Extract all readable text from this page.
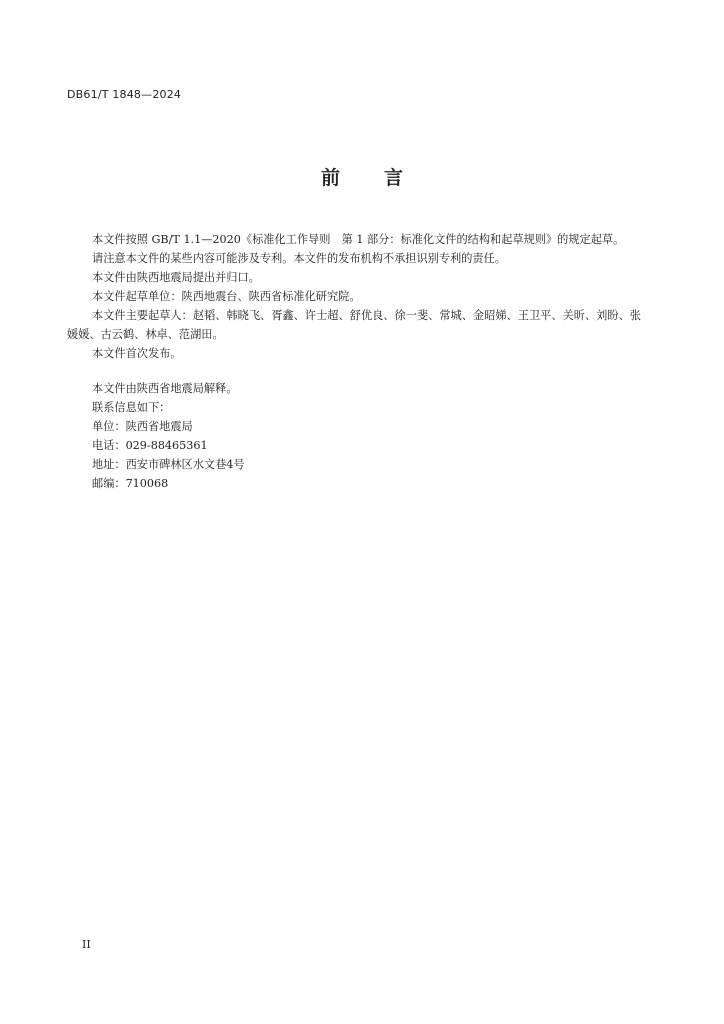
DB61/T 1848—2024
前 言

本文件按照 GB/T 1.1—2020《标准化工作导则　第 1 部分：标准化文件的结构和起草规则》的规定起草。

请注意本文件的某些内容可能涉及专利。本文件的发布机构不承担识别专利的责任。

本文件由陕西地震局提出并归口。

本文件起草单位：陕西地震台、陕西省标准化研究院。

本文件主要起草人：赵韬、韩晓飞、胥鑫、许士超、舒优良、徐一斐、常城、金昭娣、王卫平、关昕、刘盼、张媛媛、古云鹤、林卓、范湖田。

本文件首次发布。

本文件由陕西省地震局解释。

联系信息如下：

单位：陕西省地震局

电话：029-88465361

地址：西安市碑林区水文巷4号

邮编：710068

II
